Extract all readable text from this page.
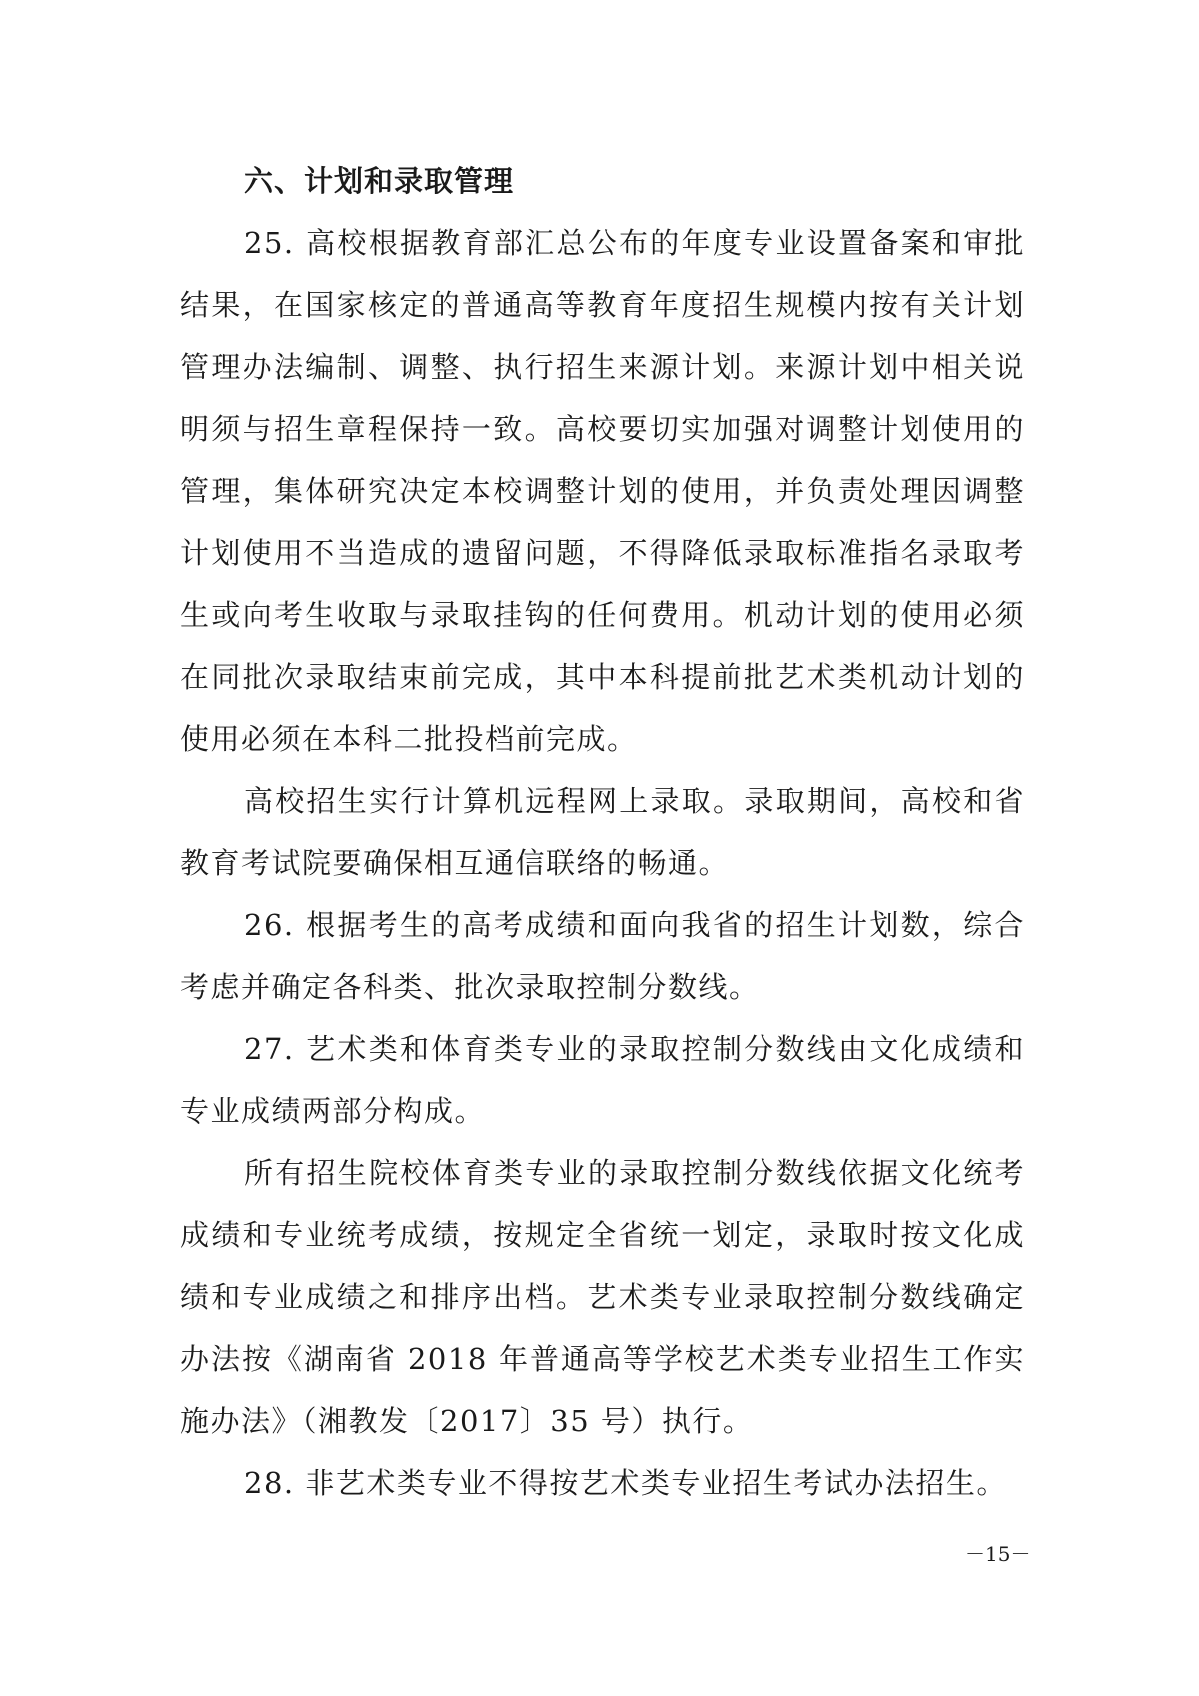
六、计划和录取管理

25. 高校根据教育部汇总公布的年度专业设置备案和审批结果，在国家核定的普通高等教育年度招生规模内按有关计划管理办法编制、调整、执行招生来源计划。来源计划中相关说明须与招生章程保持一致。高校要切实加强对调整计划使用的管理，集体研究决定本校调整计划的使用，并负责处理因调整计划使用不当造成的遗留问题，不得降低录取标准指名录取考生或向考生收取与录取挂钩的任何费用。机动计划的使用必须在同批次录取结束前完成，其中本科提前批艺术类机动计划的使用必须在本科二批投档前完成。

高校招生实行计算机远程网上录取。录取期间，高校和省教育考试院要确保相互通信联络的畅通。

26. 根据考生的高考成绩和面向我省的招生计划数，综合考虑并确定各科类、批次录取控制分数线。

27. 艺术类和体育类专业的录取控制分数线由文化成绩和专业成绩两部分构成。

所有招生院校体育类专业的录取控制分数线依据文化统考成绩和专业统考成绩，按规定全省统一划定，录取时按文化成绩和专业成绩之和排序出档。艺术类专业录取控制分数线确定办法按《湖南省 2018 年普通高等学校艺术类专业招生工作实施办法》（湘教发〔2017〕35 号）执行。

28. 非艺术类专业不得按艺术类专业招生考试办法招生。

－15－
